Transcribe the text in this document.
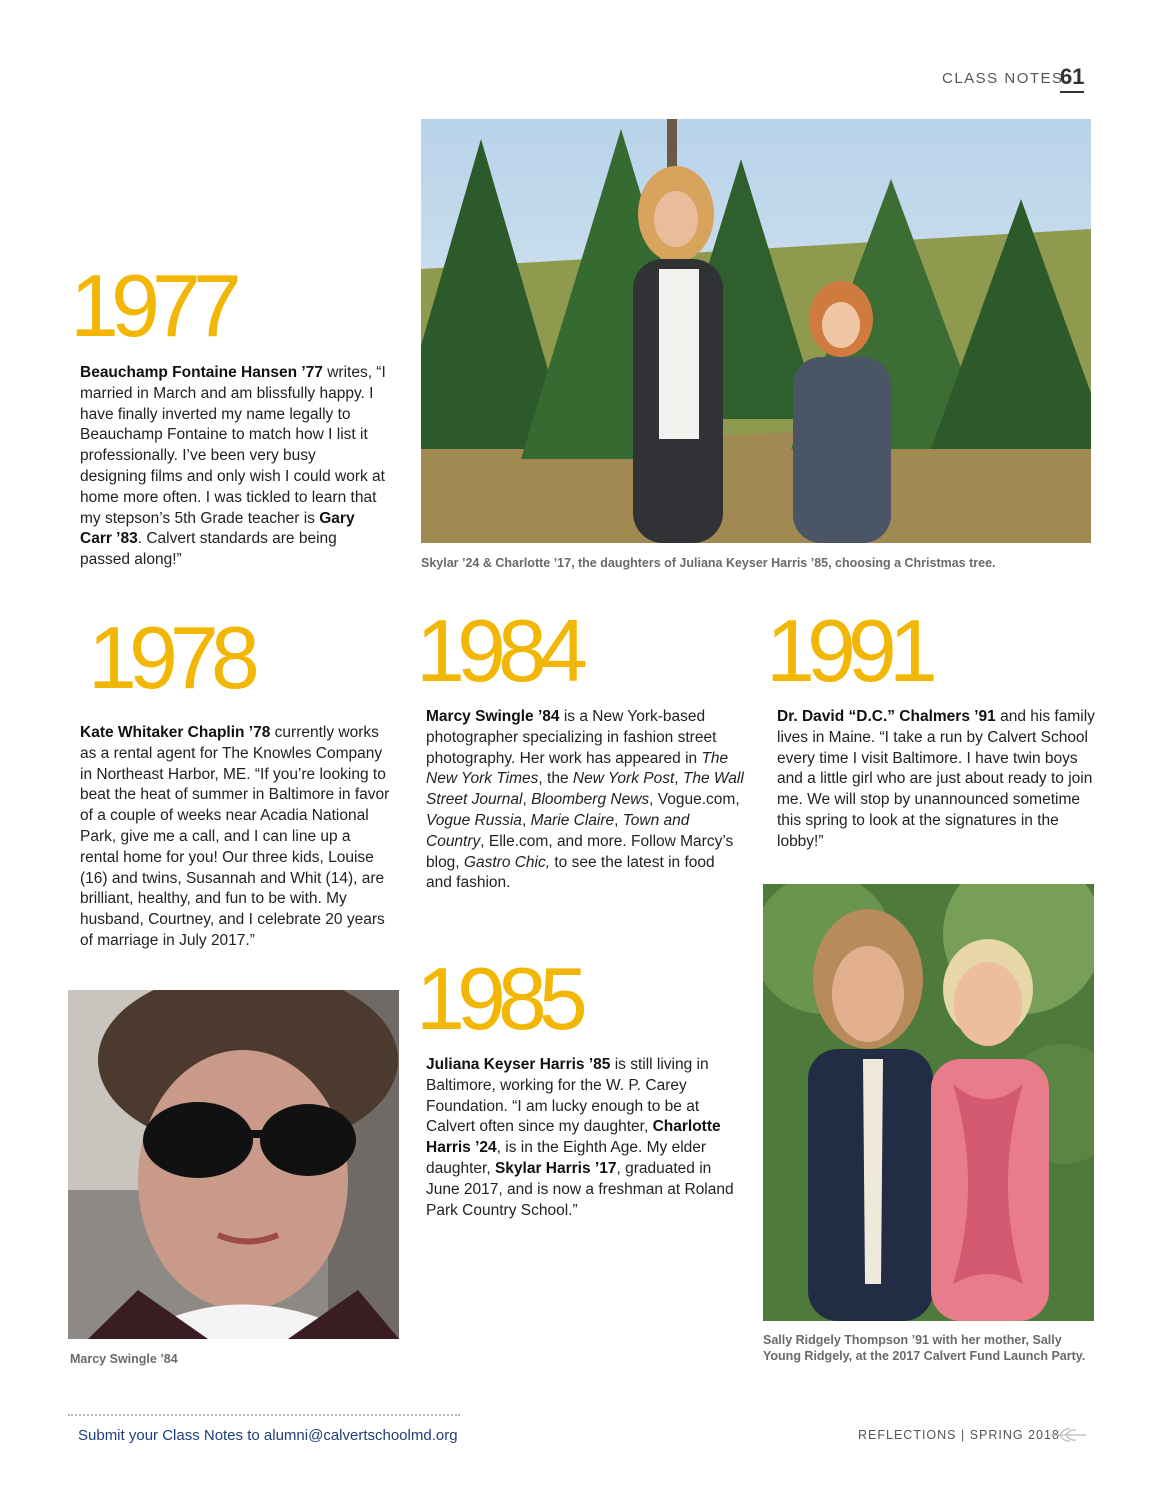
CLASS NOTES
61
Skylar ’24 & Charlotte ’17, the daughters of Juliana Keyser Harris ’85, choosing a Christmas tree.
1977
Beauchamp Fontaine Hansen ’77 writes, “I married in March and am blissfully happy. I have finally inverted my name legally to Beauchamp Fontaine to match how I list it professionally. I’ve been very busy designing films and only wish I could work at home more often. I was tickled to learn that my stepson’s 5th Grade teacher is Gary Carr ’83. Calvert standards are being passed along!”
1978
Kate Whitaker Chaplin ’78 currently works as a rental agent for The Knowles Company in Northeast Harbor, ME. “If you’re looking to beat the heat of summer in Baltimore in favor of a couple of weeks near Acadia National Park, give me a call, and I can line up a rental home for you! Our three kids, Louise (16) and twins, Susannah and Whit (14), are brilliant, healthy, and fun to be with. My husband, Courtney, and I celebrate 20 years of marriage in July 2017.”
Marcy Swingle ’84
1984
Marcy Swingle ’84 is a New York-based photographer specializing in fashion street photography. Her work has appeared in The New York Times, the New York Post, The Wall Street Journal, Bloomberg News, Vogue.com, Vogue Russia, Marie Claire, Town and Country, Elle.com, and more. Follow Marcy’s blog, Gastro Chic, to see the latest in food and fashion.
1985
Juliana Keyser Harris ’85 is still living in Baltimore, working for the W. P. Carey Foundation. “I am lucky enough to be at Calvert often since my daughter, Charlotte Harris ’24, is in the Eighth Age. My elder daughter, Skylar Harris ’17, graduated in June 2017, and is now a freshman at Roland Park Country School.”
1991
Dr. David “D.C.” Chalmers ’91 and his family lives in Maine. “I take a run by Calvert School every time I visit Baltimore. I have twin boys and a little girl who are just about ready to join me. We will stop by unannounced sometime this spring to look at the signatures in the lobby!”
Sally Ridgely Thompson ’91 with her mother, Sally Young Ridgely, at the 2017 Calvert Fund Launch Party.
Submit your Class Notes to alumni@calvertschoolmd.org	REFLECTIONS | SPRING 2018
